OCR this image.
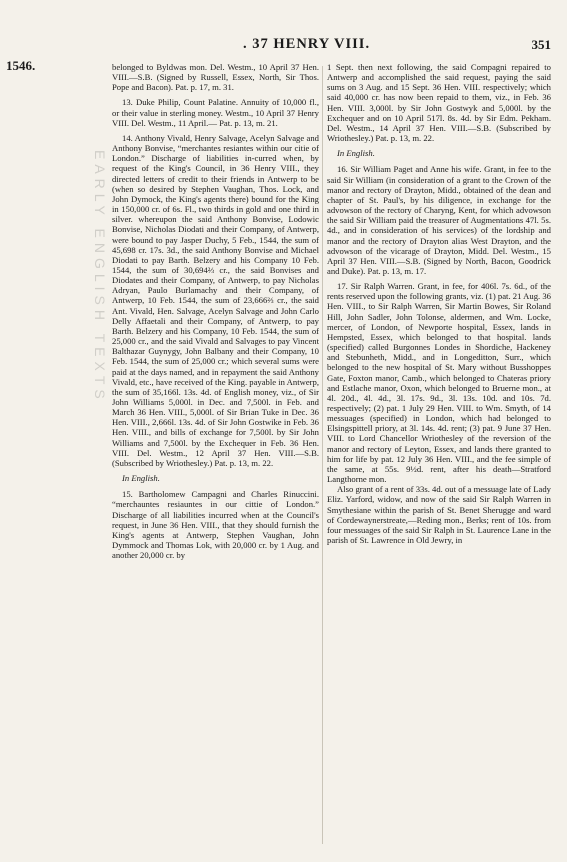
EARLY ENGLISH TEXTS
. 37 HENRY VIII.	351
1546.	belonged to Byldwas mon. Del. Westm., 10 April 37 Hen. VIII.—S.B. (Signed by Russell, Essex, North, Sir Thos. Pope and Bacon). Pat. p. 17, m. 31.

13. Duke Philip, Count Palatine. Annuity of 10,000 fl., or their value in sterling money. Westm., 10 April 37 Henry VIII. Del. Westm., 11 April.— Pat. p. 13, m. 21.

14. Anthony Vivald, Henry Salvage, Acelyn Salvage and Anthony Bonvise, “merchantes resiantes within our citie of London.” Discharge of liabilities in-curred when, by request of the King's Council, in 36 Henry VIII., they directed letters of credit to their friends in Antwerp to be (when so desired by Stephen Vaughan, Thos. Lock, and John Dymock, the King's agents there) bound for the King in 150,000 cr. of 6s. Fl., two thirds in gold and one third in silver. whereupon the said Anthony Bonvise, Lodowic Bonvise, Nicholas Diodati and their Company, of Antwerp, were bound to pay Jasper Duchy, 5 Feb., 1544, the sum of 45,698 cr. 17s. 3d., the said Anthony Bonvise and Michael Diodati to pay Barth. Belzery and his Company 10 Feb. 1544, the sum of 30,694⅔ cr., the said Bonvises and Diodates and their Company, of Antwerp, to pay Nicholas Adryan, Paulo Burlamachy and their Company, of Antwerp, 10 Feb. 1544, the sum of 23,666⅔ cr., the said Ant. Vivald, Hen. Salvage, Acelyn Salvage and John Carlo Delly Affaetali and their Company, of Antwerp, to pay Barth. Belzery and his Company, 10 Feb. 1544, the sum of 25,000 cr., and the said Vivald and Salvages to pay Vincent Balthazar Guynygy, John Balbany and their Company, 10 Feb. 1544, the sum of 25,000 cr.; which several sums were paid at the days named, and in repayment the said Anthony Vivald, etc., have received of the King. payable in Antwerp, the sum of 35,166l. 13s. 4d. of English money, viz., of Sir John Williams 5,000l. in Dec. and 7,500l. in Feb. and March 36 Hen. VIII., 5,000l. of Sir Brian Tuke in Dec. 36 Hen. VIII., 2,666l. 13s. 4d. of Sir John Gostwike in Feb. 36 Hen. VIII., and bills of exchange for 7,500l. by Sir John Williams and 7,500l. by the Exchequer in Feb. 36 Hen. VIII. Del. Westm., 12 April 37 Hen. VIII.—S.B. (Subscribed by Wriothesley.) Pat. p. 13, m. 22.

In English.

15. Bartholomew Campagni and Charles Rinuccini. “merchauntes resiauntes in our cittie of London.” Discharge of all liabilities incurred when at the Council's request, in June 36 Hen. VIII., that they should furnish the King's agents at Antwerp, Stephen Vaughan, John Dymmock and Thomas Lok, with 20,000 cr. by 1 Aug. and another 20,000 cr. by

1 Sept. then next following, the said Compagni repaired to Antwerp and accomplished the said request, paying the said sums on 3 Aug. and 15 Sept. 36 Hen. VIII. respectively; which said 40,000 cr. has now been repaid to them, viz., in Feb. 36 Hen. VIII. 3,000l. by Sir John Gostwyk and 5,000l. by the Exchequer and on 10 April 517l. 8s. 4d. by Sir Edm. Pekham. Del. Westm., 14 April 37 Hen. VIII.—S.B. (Subscribed by Wriothesley.) Pat. p. 13, m. 22.

In English.

16. Sir William Paget and Anne his wife. Grant, in fee to the said Sir William (in consideration of a grant to the Crown of the manor and rectory of Drayton, Midd., obtained of the dean and chapter of St. Paul's, by his diligence, in exchange for the advowson of the rectory of Charyng, Kent, for which advowson the said Sir William paid the treasurer of Augmentations 47l. 5s. 4d., and in consideration of his services) of the lordship and manor and the rectory of Drayton alias West Drayton, and the advowson of the vicarage of Drayton, Midd. Del. Westm., 15 April 37 Hen. VIII.—S.B. (Signed by North, Bacon, Goodrick and Duke). Pat. p. 13, m. 17.

17. Sir Ralph Warren. Grant, in fee, for 406l. 7s. 6d., of the rents reserved upon the following grants, viz. (1) pat. 21 Aug. 36 Hen. VIII., to Sir Ralph Warren, Sir Martin Bowes, Sir Roland Hill, John Sadler, John Tolonse, aldermen, and Wm. Locke, mercer, of London, of Newporte hospital, Essex, lands in Hempsted, Essex, which belonged to that hospital. lands (specified) called Burgonnes Londes in Shordiche, Hackeney and Stebunheth, Midd., and in Longeditton, Surr., which belonged to the new hospital of St. Mary without Busshoppes Gate, Foxton manor, Camb., which belonged to Chateras priory and Estlache manor, Oxon, which belonged to Bruerne mon., at 4l. 20d., 4l. 4d., 3l. 17s. 9d., 3l. 13s. 10d. and 10s. 7d. respectively; (2) pat. 1 July 29 Hen. VIII. to Wm. Smyth, of 14 messuages (specified) in London, which had belonged to Elsingspittell priory, at 3l. 14s. 4d. rent; (3) pat. 9 June 37 Hen. VIII. to Lord Chancellor Wriothesley of the reversion of the manor and rectory of Leyton, Essex, and lands there granted to him for life by pat. 12 July 36 Hen. VIII., and the fee simple of the same, at 55s. 9½d. rent, after his death—Stratford Langthorne mon.

Also grant of a rent of 33s. 4d. out of a messuage late of Lady Eliz. Yarford, widow, and now of the said Sir Ralph Warren in Smythesiane within the parish of St. Benet Sherugge and ward of Cordewaynerstreate,—Reding mon., Berks; rent of 10s. from four messuages of the said Sir Ralph in St. Laurence Lane in the parish of St. Lawrence in Old Jewry, in
